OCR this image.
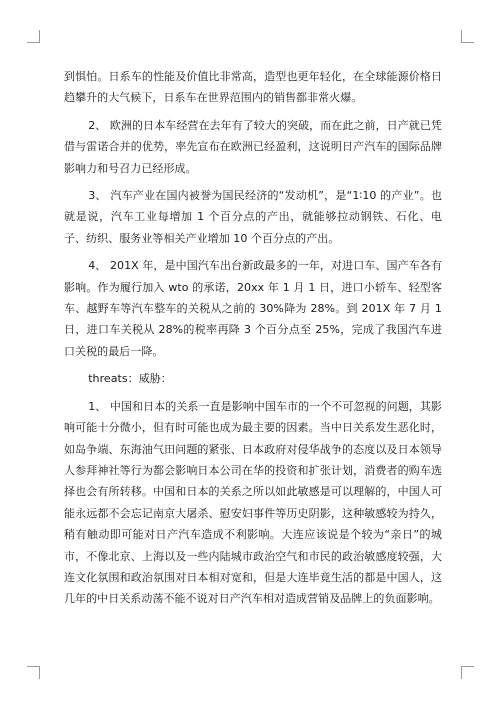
到惧怕。日系车的性能及价值比非常高，造型也更年轻化，在全球能源价格日趋攀升的大气候下，日系车在世界范围内的销售都非常火爆。

2、 欧洲的日本车经营在去年有了较大的突破，而在此之前，日产就已凭借与雷诺合并的优势，率先宣布在欧洲已经盈利，这说明日产汽车的国际品牌影响力和号召力已经形成。

3、 汽车产业在国内被誉为国民经济的“发动机”，是“1∶10 的产业”。也就是说，汽车工业每增加 1 个百分点的产出，就能够拉动钢铁、石化、电子、纺织、服务业等相关产业增加 10 个百分点的产出。

4、 201X 年，是中国汽车出台新政最多的一年，对进口车、国产车各有影响。作为履行加入 wto 的承诺，20xx 年 1 月 1 日，进口小轿车、轻型客车、越野车等汽车整车的关税从之前的 30%降为 28%。到 201X 年 7 月 1 日，进口车关税从 28%的税率再降 3 个百分点至 25%，完成了我国汽车进口关税的最后一降。

threats：威胁：

1、 中国和日本的关系一直是影响中国车市的一个不可忽视的问题，其影响可能十分微小，但有时可能也成为最主要的因素。当中日关系发生恶化时，如岛争端、东海油气田问题的紧张、日本政府对侵华战争的态度以及日本领导人参拜神社等行为都会影响日本公司在华的投资和扩张计划，消费者的购车选择也会有所转移。中国和日本的关系之所以如此敏感是可以理解的，中国人可能永远都不会忘记南京大屠杀、慰安妇事件等历史阴影，这种敏感较为持久，稍有触动即可能对日产汽车造成不利影响。大连应该说是个较为“亲日”的城市，不像北京、上海以及一些内陆城市政治空气和市民的政治敏感度较强，大连文化氛围和政治氛围对日本相对宽和，但是大连毕竟生活的都是中国人，这几年的中日关系动荡不能不说对日产汽车相对造成营销及品牌上的负面影响。
